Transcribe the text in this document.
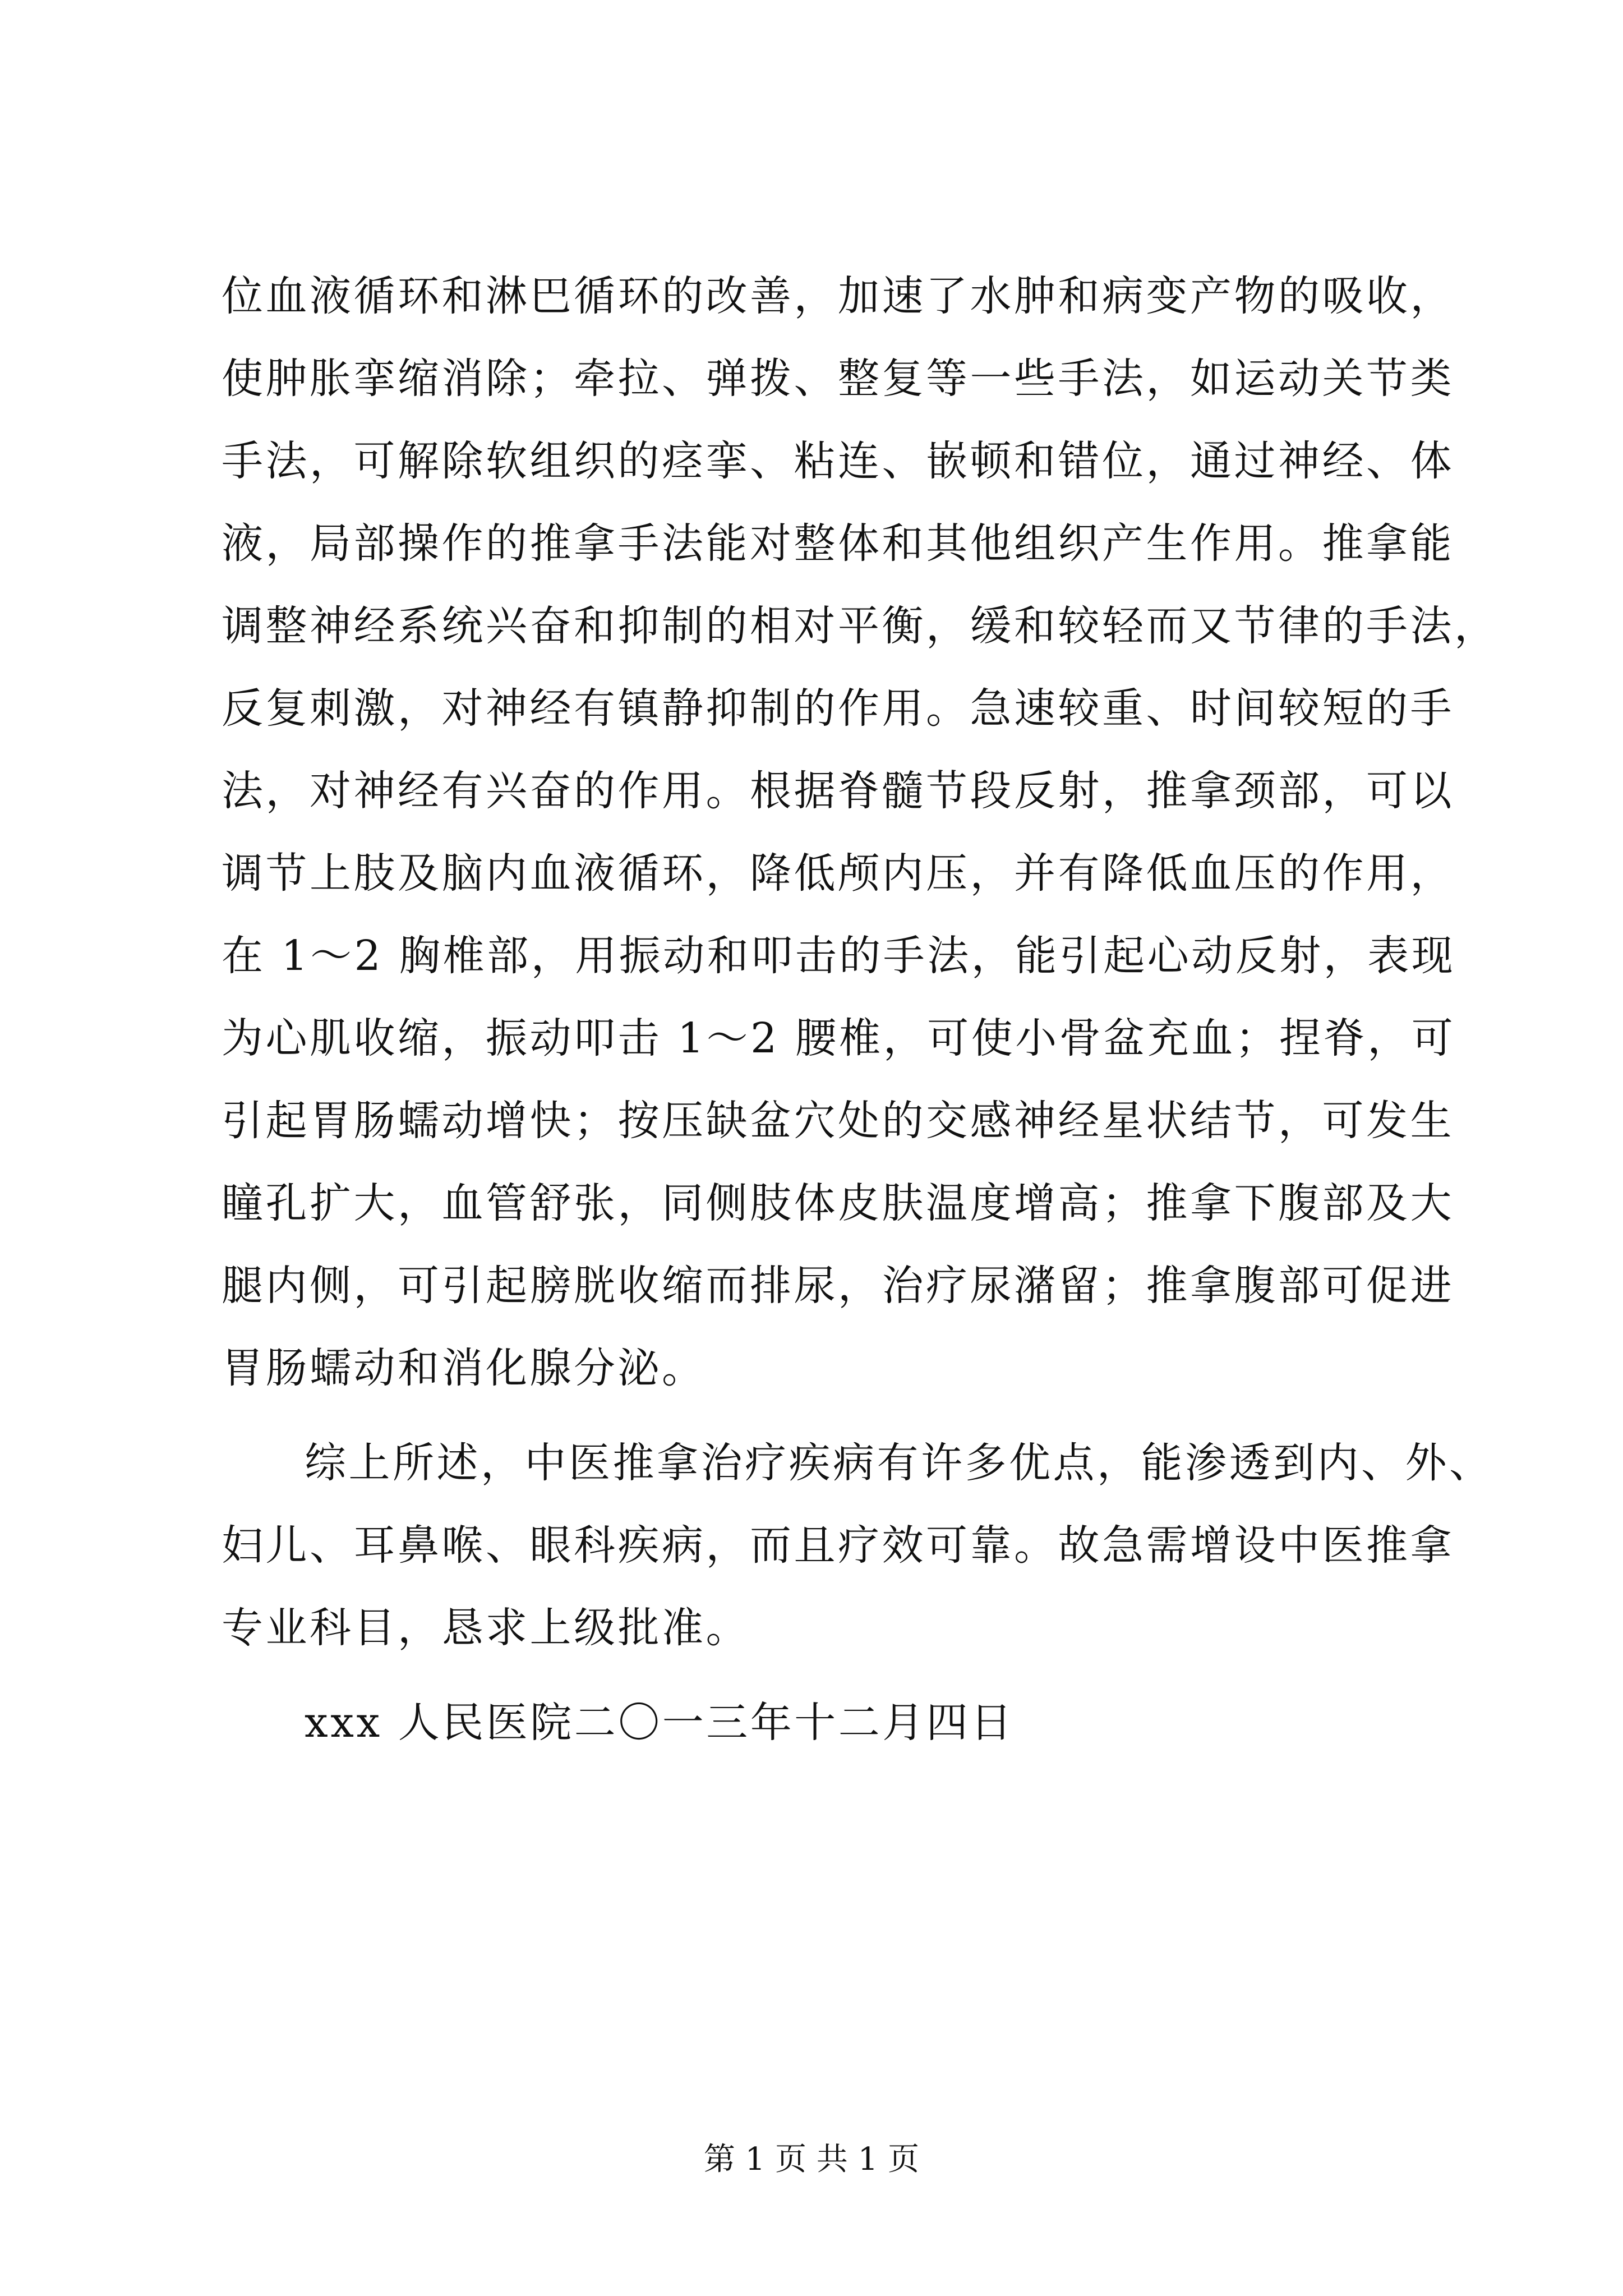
位血液循环和淋巴循环的改善，加速了水肿和病变产物的吸收，
使肿胀挛缩消除；牵拉、弹拨、整复等一些手法，如运动关节类
手法，可解除软组织的痉挛、粘连、嵌顿和错位，通过神经、体
液，局部操作的推拿手法能对整体和其他组织产生作用。推拿能
调整神经系统兴奋和抑制的相对平衡，缓和较轻而又节律的手法，
反复刺激，对神经有镇静抑制的作用。急速较重、时间较短的手
法，对神经有兴奋的作用。根据脊髓节段反射，推拿颈部，可以
调节上肢及脑内血液循环，降低颅内压，并有降低血压的作用，
在 1～2 胸椎部，用振动和叩击的手法，能引起心动反射，表现
为心肌收缩，振动叩击 1～2 腰椎，可使小骨盆充血；捏脊，可
引起胃肠蠕动增快；按压缺盆穴处的交感神经星状结节，可发生
瞳孔扩大，血管舒张，同侧肢体皮肤温度增高；推拿下腹部及大
腿内侧，可引起膀胱收缩而排尿，治疗尿潴留；推拿腹部可促进
胃肠蠕动和消化腺分泌。
综上所述，中医推拿治疗疾病有许多优点，能渗透到内、外、
妇儿、耳鼻喉、眼科疾病，而且疗效可靠。故急需增设中医推拿
专业科目，恳求上级批准。
xxx 人民医院二〇一三年十二月四日
第 1 页 共 1 页
